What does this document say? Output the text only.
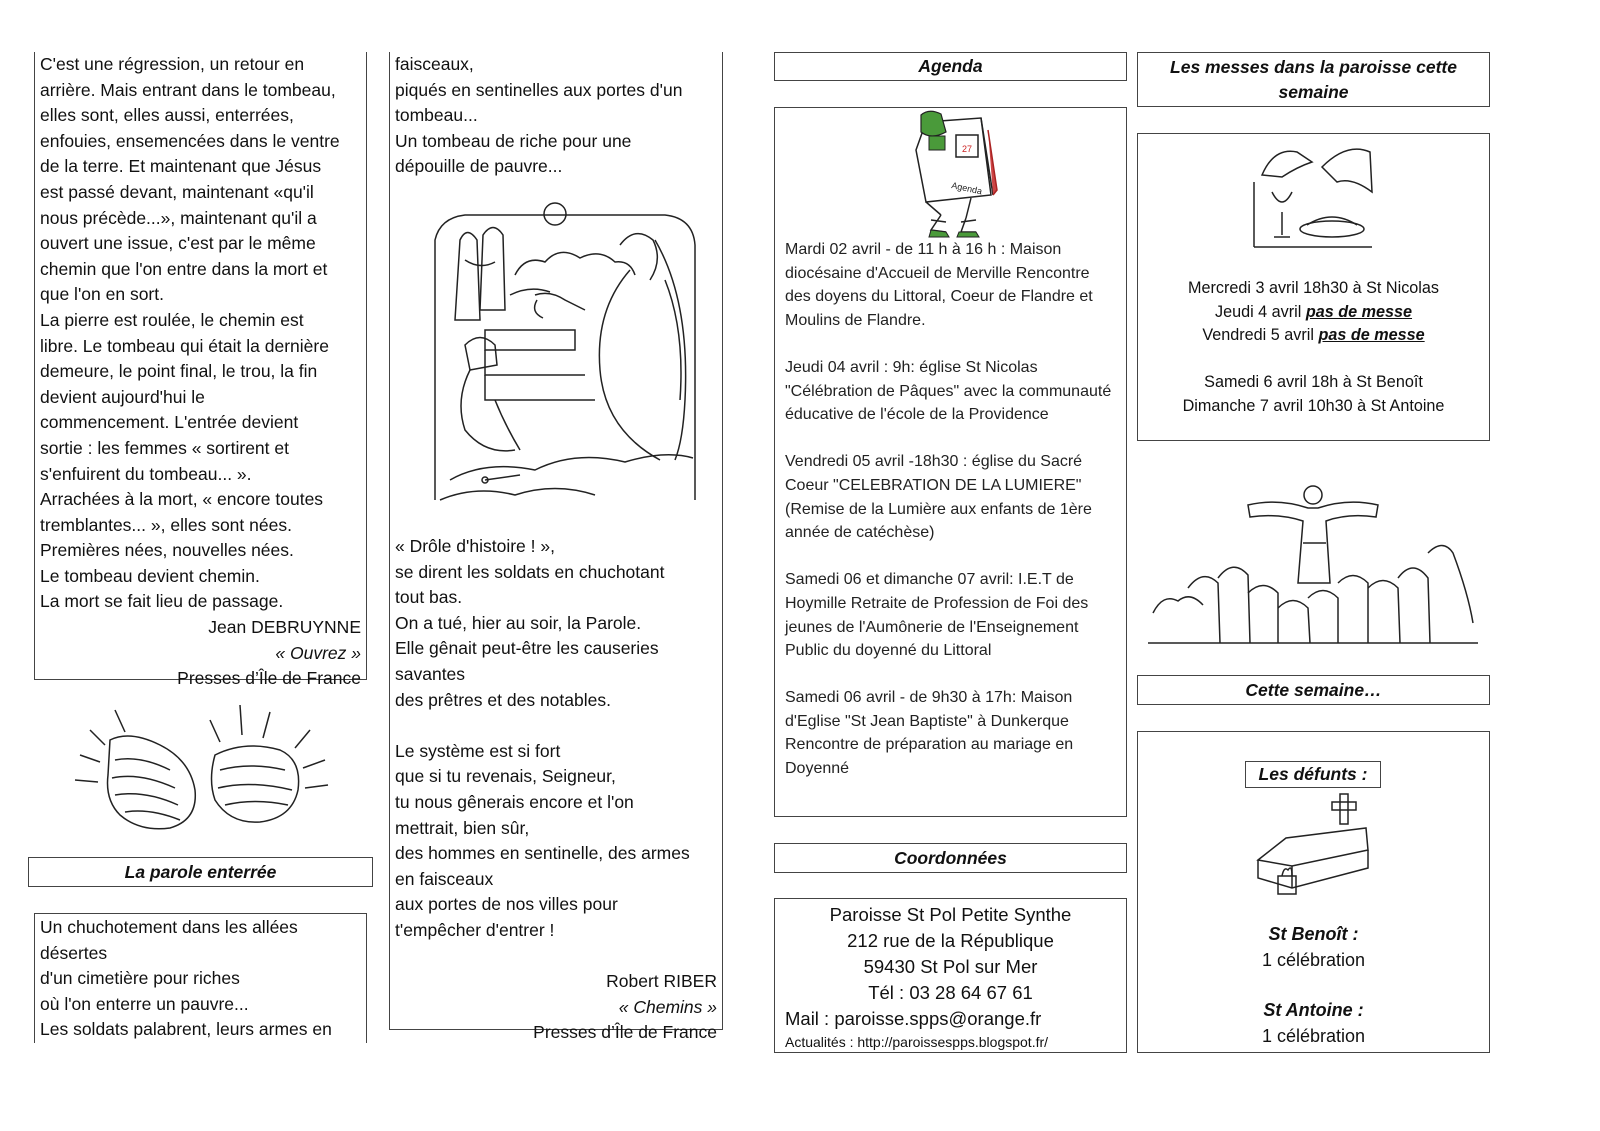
C'est une régression, un retour en

arrière. Mais entrant dans le tombeau,

elles sont, elles aussi, enterrées,

enfouies, ensemencées dans le ventre

de la terre. Et maintenant que Jésus

est passé devant, maintenant «qu'il

nous précède...», maintenant qu'il a

ouvert une issue, c'est par le même

chemin que l'on entre dans la mort et

que l'on en sort.

La pierre est roulée, le chemin est

libre. Le tombeau qui était la dernière

demeure, le point final, le trou, la fin

devient aujourd'hui le

commencement. L'entrée devient

sortie : les femmes « sortirent et

s'enfuirent du tombeau... ».

Arrachées à la mort, « encore toutes

tremblantes... », elles sont nées.

Premières nées, nouvelles nées.

Le tombeau devient chemin.

La mort se fait lieu de passage.

Jean DEBRUYNNE

« Ouvrez »

Presses d’Île de France

La parole enterrée

Un chuchotement dans les allées

désertes

d'un cimetière pour riches

où l'on enterre un pauvre...

Les soldats palabrent, leurs armes en

faisceaux,

piqués en sentinelles aux portes d'un

tombeau...

Un tombeau de riche pour une

dépouille de pauvre...

« Drôle d'histoire ! »,

se dirent les soldats en chuchotant

tout bas.

On a tué, hier au soir, la Parole.

Elle gênait peut-être les causeries

savantes

des prêtres et des notables.

Le système est si fort

que si tu revenais, Seigneur,

tu nous gênerais encore et l'on

mettrait, bien sûr,

des hommes en sentinelle, des armes

en faisceaux

aux portes de nos villes pour

t'empêcher d'entrer !

Robert RIBER

« Chemins »

Presses d’Île de France

Agenda
27
Agenda

Mardi 02 avril - de 11 h à 16 h : Maison diocésaine d'Accueil de Merville Rencontre des doyens du Littoral, Coeur de Flandre et Moulins de Flandre.

Jeudi 04 avril : 9h: église St Nicolas "Célébration de Pâques" avec la communauté éducative de l'école de la Providence

Vendredi 05 avril -18h30 : église du Sacré Coeur "CELEBRATION DE LA LUMIERE" (Remise de la Lumière aux enfants de 1ère année de catéchèse)

Samedi 06 et dimanche 07 avril: I.E.T de Hoymille Retraite de Profession de Foi des jeunes de l'Aumônerie de l'Enseignement Public du doyenné du Littoral

Samedi 06 avril - de 9h30 à 17h: Maison d'Eglise "St Jean Baptiste" à Dunkerque Rencontre de préparation au mariage en Doyenné

Coordonnées

Paroisse St Pol Petite Synthe

212 rue de la République

59430 St Pol sur Mer

Tél : 03 28 64 67 61

Mail : paroisse.spps@orange.fr

Actualités : http://paroissespps.blogspot.fr/

Les messes dans la paroisse cette semaine

Mercredi 3 avril 18h30 à St Nicolas

Jeudi 4 avril pas de messe

Vendredi 5 avril pas de messe

Samedi 6 avril 18h à St Benoît

Dimanche 7 avril 10h30 à St Antoine

Cette semaine…
Les défunts :
St Benoît :
1 célébration
St Antoine :
1 célébration
